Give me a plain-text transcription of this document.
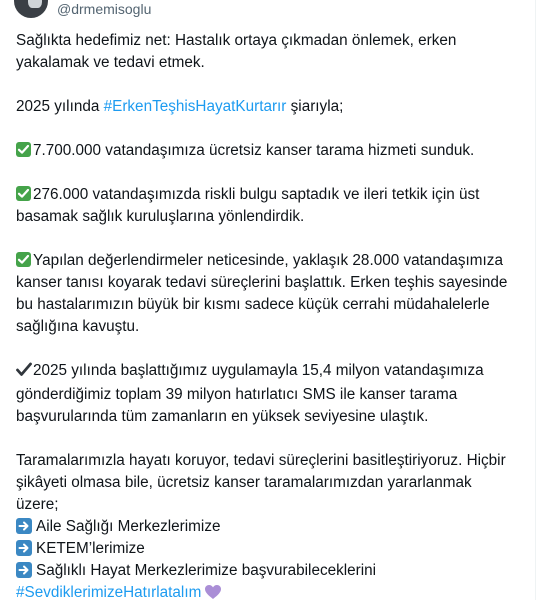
@drmemisoglu
Sağlıkta hedefimiz net: Hastalık ortaya çıkmadan önlemek, erken
yakalamak ve tedavi etmek.
2025 yılında #ErkenTeşhisHayatKurtarır şiarıyla;
7.700.000 vatandaşımıza ücretsiz kanser tarama hizmeti sunduk.
276.000 vatandaşımızda riskli bulgu saptadık ve ileri tetkik için üst
basamak sağlık kuruluşlarına yönlendirdik.
Yapılan değerlendirmeler neticesinde, yaklaşık 28.000 vatandaşımıza
kanser tanısı koyarak tedavi süreçlerini başlattık. Erken teşhis sayesinde
bu hastalarımızın büyük bir kısmı sadece küçük cerrahi müdahalelerle
sağlığına kavuştu.
2025 yılında başlattığımız uygulamayla 15,4 milyon vatandaşımıza
gönderdiğimiz toplam 39 milyon hatırlatıcı SMS ile kanser tarama
başvurularında tüm zamanların en yüksek seviyesine ulaştık.
Taramalarımızla hayatı koruyor, tedavi süreçlerini basitleştiriyoruz. Hiçbir
şikâyeti olmasa bile, ücretsiz kanser taramalarımızdan yararlanmak
üzere;
Aile Sağlığı Merkezlerimize
KETEM’lerimize
Sağlıklı Hayat Merkezlerimize başvurabileceklerini
#SevdiklerimizeHatırlatalım
